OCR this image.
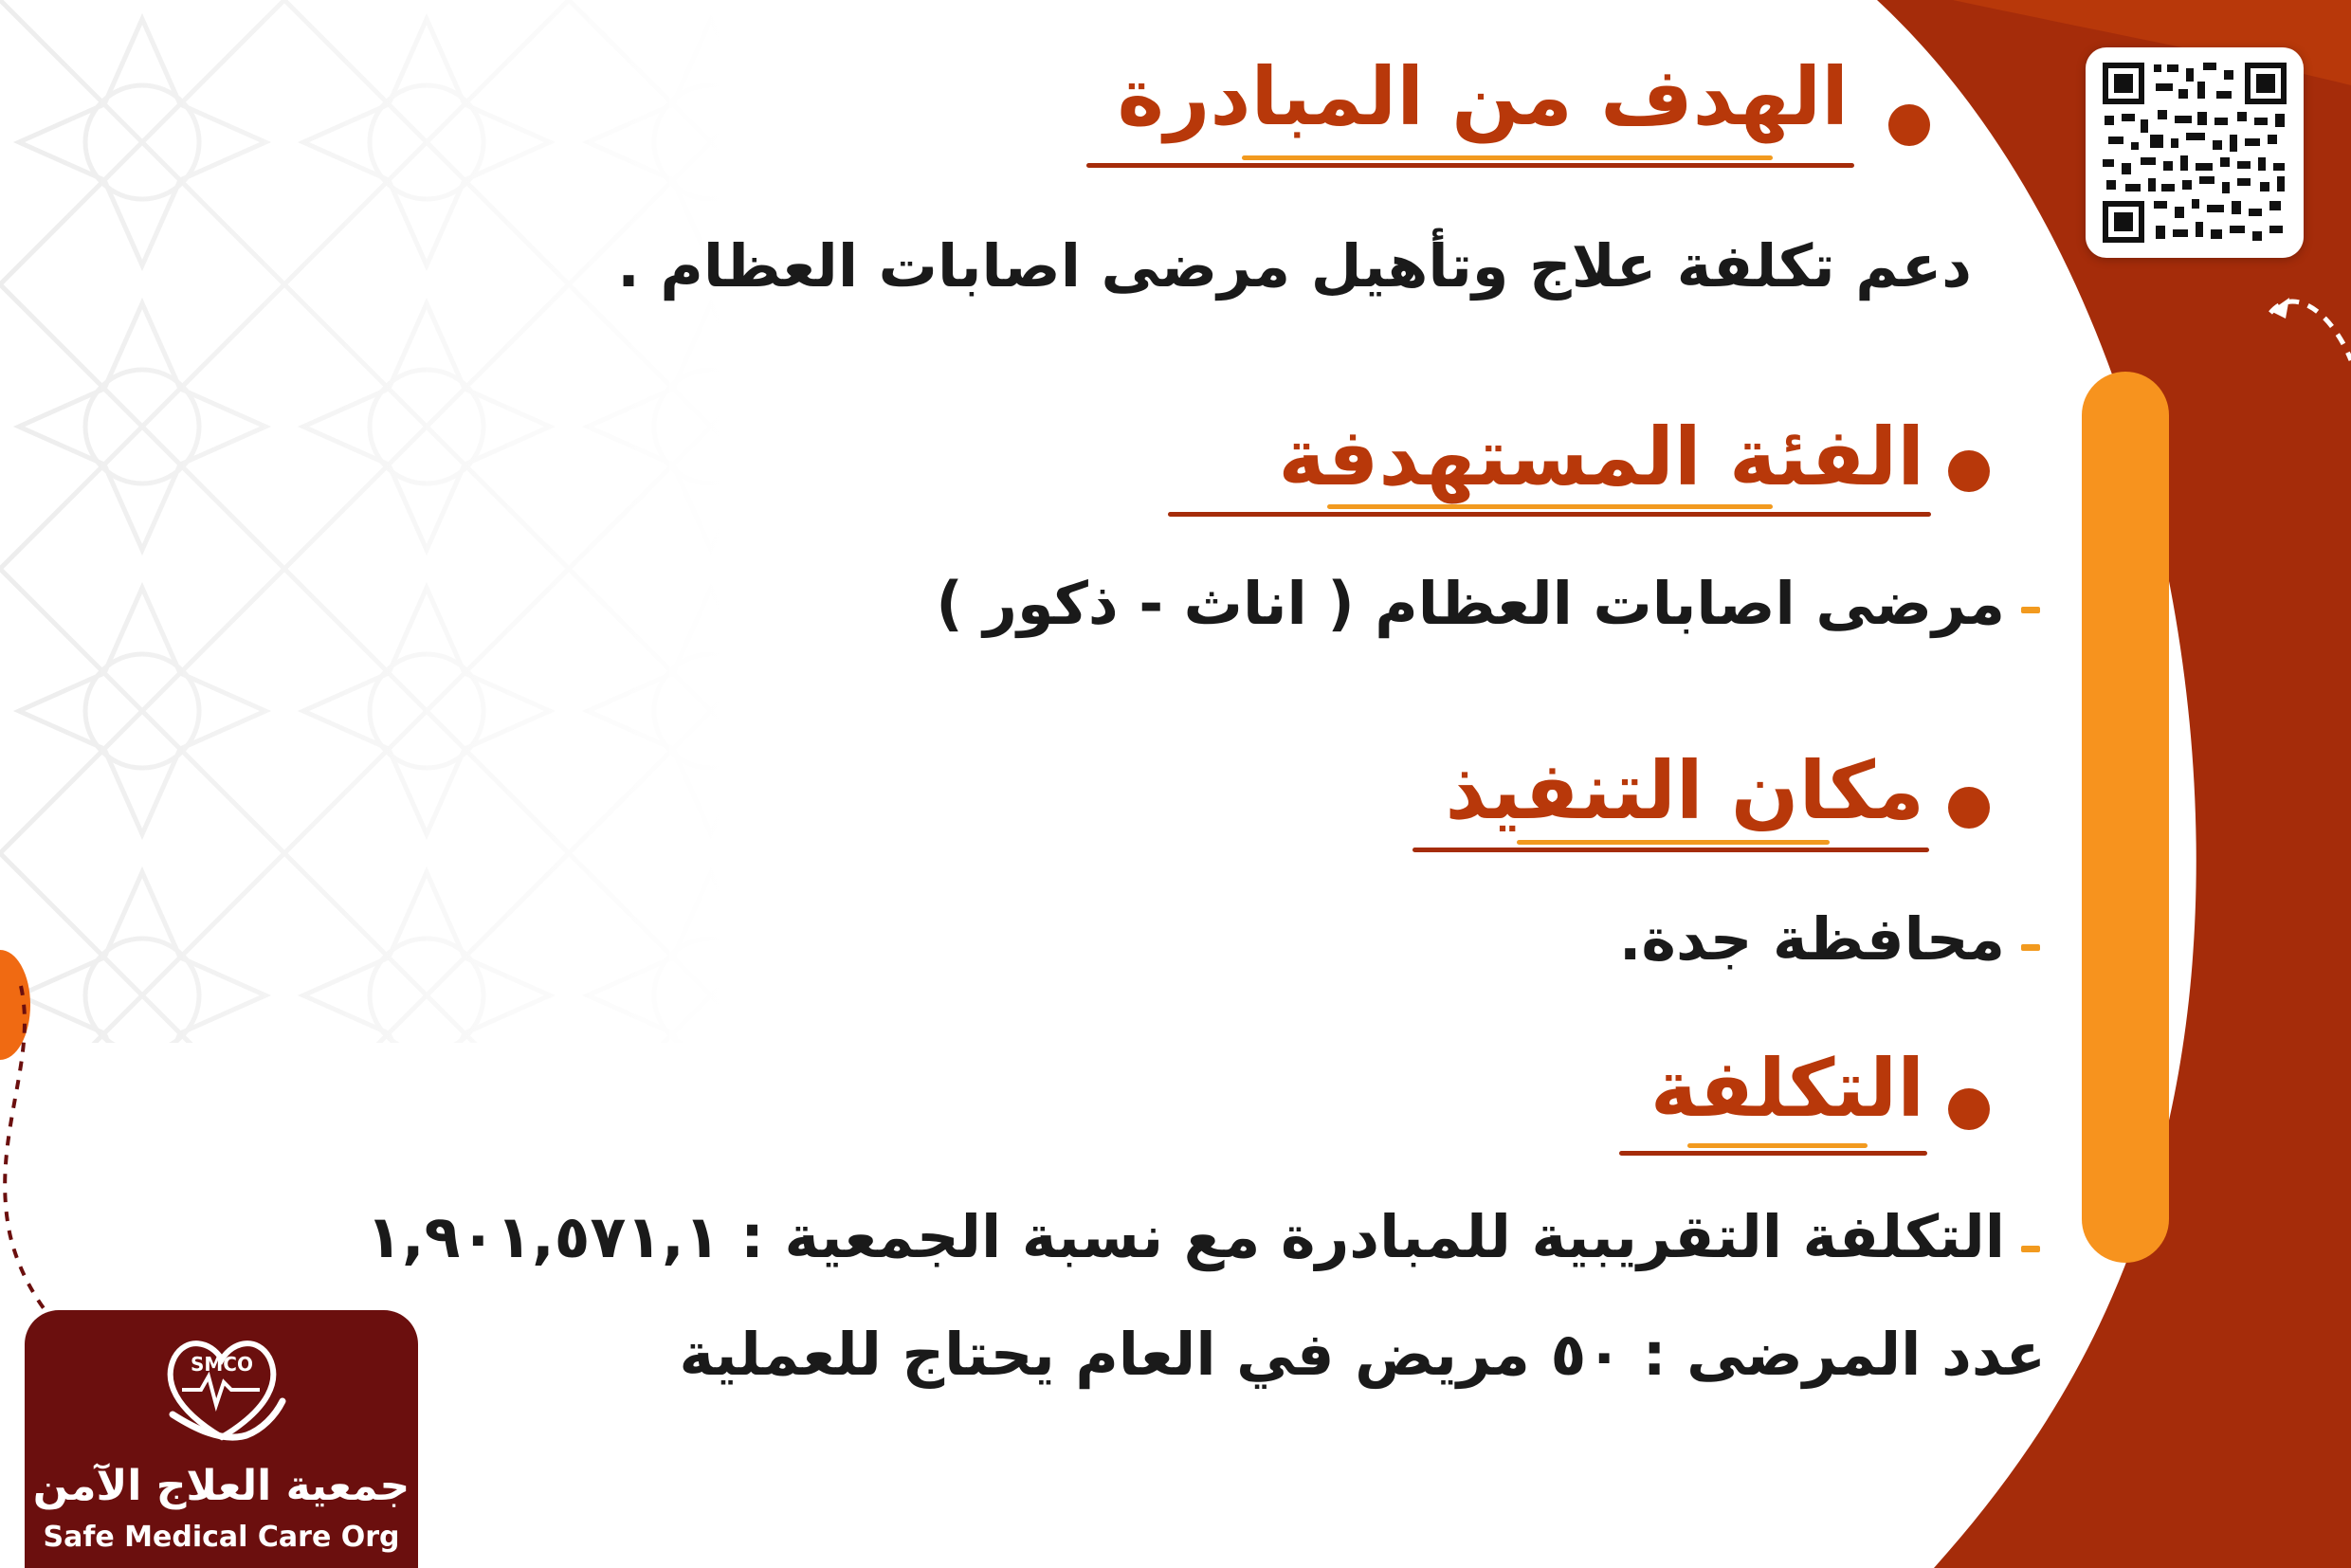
الهدف من المبادرة
دعم تكلفة علاج وتأهيل مرضى اصابات العظام .
الفئة المستهدفة
مرضى اصابات العظام ( اناث - ذكور )
مكان التنفيذ
محافظة جدة.
التكلفة
التكلفة التقريبية للمبادرة مع نسبة الجمعية : ١,٩٠١,٥٧١,١
عدد المرضى : ٥٠ مريض في العام يحتاج للعملية
SMCO
جمعية العلاج الآمن
Safe Medical Care Org
